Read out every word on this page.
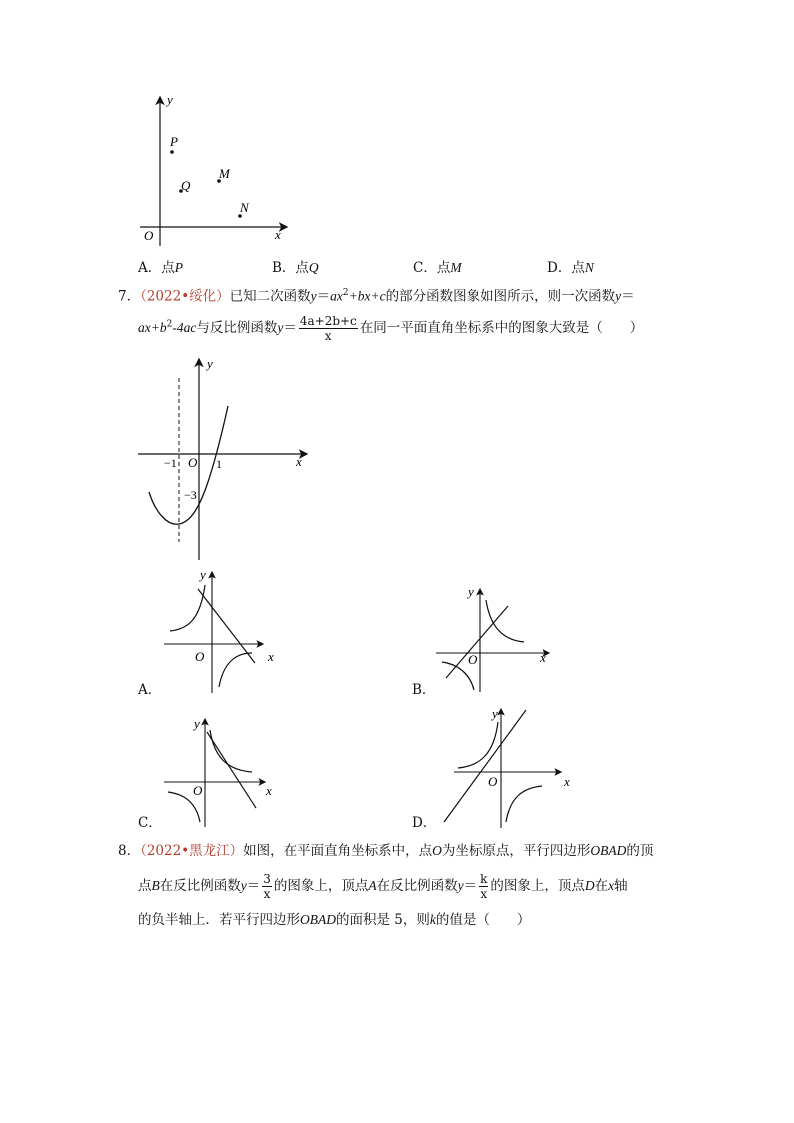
y
x
O
P
Q
M
N
A．点P	B．点Q	C．点M	D．点N
7．（2022•绥化）已知二次函数$y=ax^2+bx+c$的部分函数图象如图所示，则一次函数y＝
$ax+b^2-4ac$与反比例函数$y= \frac{4a+2b+c}{x}$ 在同一平面直角坐标系中的图象大致是（　　）
y
x
O
−1	1
−3
y
x
O
A．
y
x
O
B．
y
x
O
C．
y
x
O
D．
8．（2022•黑龙江）如图，在平面直角坐标系中，点O为坐标原点，平行四边形OBAD的顶
点B在反比例函数$y= \frac{3}{x}$ 的图象上，顶点A在反比例函数$y= \frac{k}{x}$ 的图象上，顶点D在x轴
的负半轴上．若平行四边形OBAD的面积是 5，则k的值是（　　）
